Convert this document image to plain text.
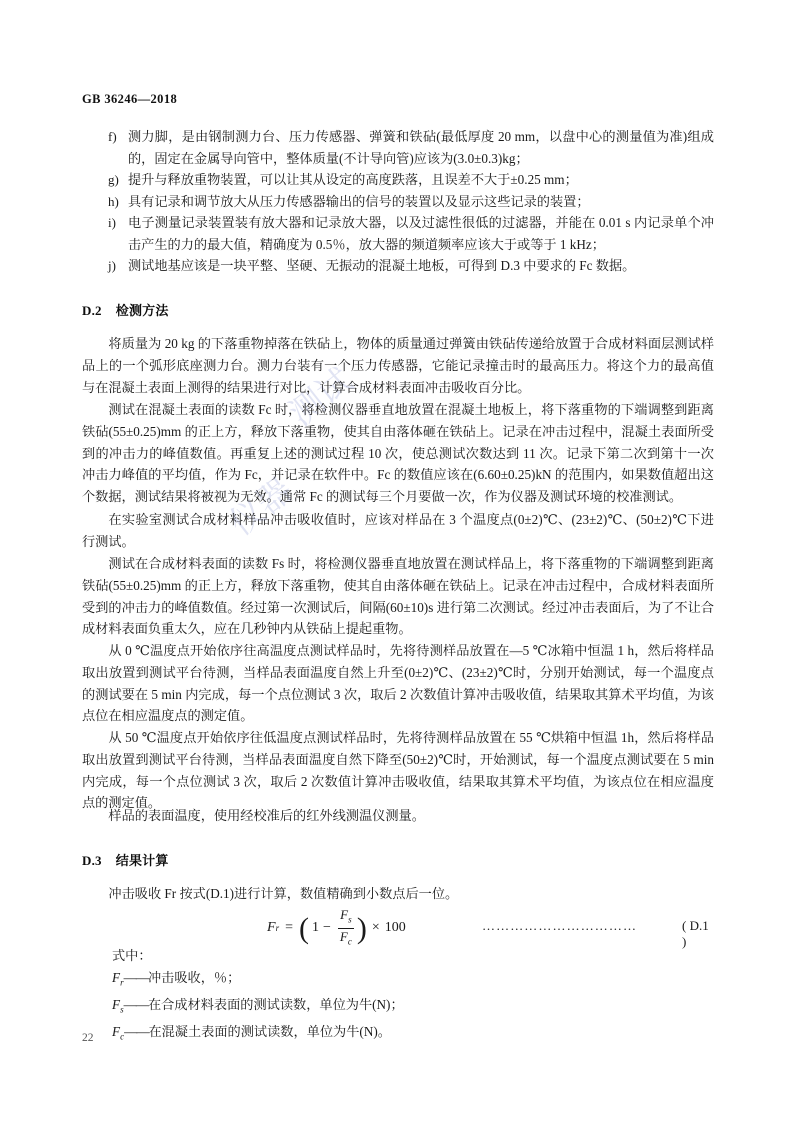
测试
仪器
GB 36246—2018
f) 测力脚，是由钢制测力台、压力传感器、弹簧和铁砧(最低厚度 20 mm，以盘中心的测量值为准)组成的，固定在金属导向管中，整体质量(不计导向管)应该为(3.0±0.3)kg；
g) 提升与释放重物装置，可以让其从设定的高度跌落，且误差不大于±0.25 mm；
h) 具有记录和调节放大从压力传感器输出的信号的装置以及显示这些记录的装置；
i) 电子测量记录装置装有放大器和记录放大器，以及过滤性很低的过滤器，并能在 0.01 s 内记录单个冲击产生的力的最大值，精确度为 0.5％，放大器的频道频率应该大于或等于 1 kHz；
j) 测试地基应该是一块平整、坚硬、无振动的混凝土地板，可得到 D.3 中要求的 Fc 数据。
D.2 检测方法
将质量为 20 kg 的下落重物掉落在铁砧上，物体的质量通过弹簧由铁砧传递给放置于合成材料面层测试样品上的一个弧形底座测力台。测力台装有一个压力传感器，它能记录撞击时的最高压力。将这个力的最高值与在混凝土表面上测得的结果进行对比，计算合成材料表面冲击吸收百分比。
测试在混凝土表面的读数 Fc 时，将检测仪器垂直地放置在混凝土地板上，将下落重物的下端调整到距离铁砧(55±0.25)mm 的正上方，释放下落重物，使其自由落体砸在铁砧上。记录在冲击过程中，混凝土表面所受到的冲击力的峰值数值。再重复上述的测试过程 10 次，使总测试次数达到 11 次。记录下第二次到第十一次冲击力峰值的平均值，作为 Fc，并记录在软件中。Fc 的数值应该在(6.60±0.25)kN 的范围内，如果数值超出这个数据，测试结果将被视为无效。通常 Fc 的测试每三个月要做一次，作为仪器及测试环境的校准测试。
在实验室测试合成材料样品冲击吸收值时，应该对样品在 3 个温度点(0±2)℃、(23±2)℃、(50±2)℃下进行测试。
测试在合成材料表面的读数 Fs 时，将检测仪器垂直地放置在测试样品上，将下落重物的下端调整到距离铁砧(55±0.25)mm 的正上方，释放下落重物，使其自由落体砸在铁砧上。记录在冲击过程中，合成材料表面所受到的冲击力的峰值数值。经过第一次测试后，间隔(60±10)s 进行第二次测试。经过冲击表面后，为了不让合成材料表面负重太久，应在几秒钟内从铁砧上提起重物。
从 0 ℃温度点开始依序往高温度点测试样品时，先将待测样品放置在—5 ℃冰箱中恒温 1 h，然后将样品取出放置到测试平台待测，当样品表面温度自然上升至(0±2)℃、(23±2)℃时，分别开始测试，每一个温度点的测试要在 5 min 内完成，每一个点位测试 3 次，取后 2 次数值计算冲击吸收值，结果取其算术平均值，为该点位在相应温度点的测定值。
从 50 ℃温度点开始依序往低温度点测试样品时，先将待测样品放置在 55 ℃烘箱中恒温 1h，然后将样品取出放置到测试平台待测，当样品表面温度自然下降至(50±2)℃时，开始测试，每一个温度点测试要在 5 min 内完成，每一个点位测试 3 次，取后 2 次数值计算冲击吸收值，结果取其算术平均值，为该点位在相应温度点的测定值。
样品的表面温度，使用经校准后的红外线测温仪测量。
D.3 结果计算
冲击吸收 Fr 按式(D.1)进行计算，数值精确到小数点后一位。
F r = ( $1 - \frac{F_s}{F_c}$ ) × 100	……………………………	( D.1 )
式中：
$F_r——$冲击吸收，％；
$F_s——$在合成材料表面的测试读数，单位为牛(N)；
$F_c——$在混凝土表面的测试读数，单位为牛(N)。
22
